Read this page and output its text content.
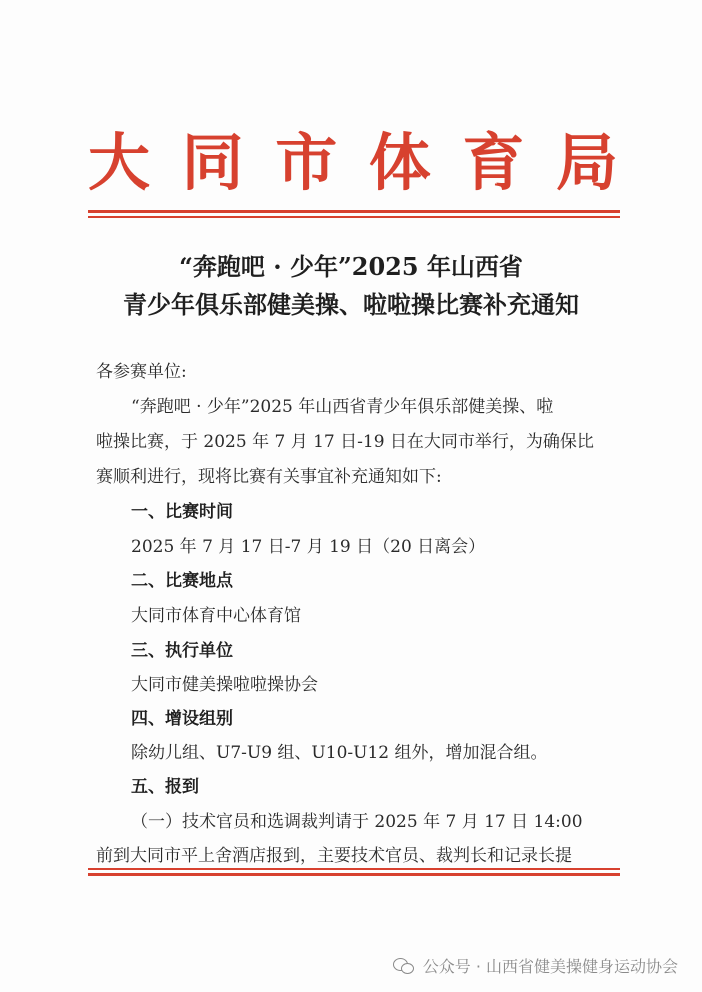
大 同 市 体 育 局
“奔跑吧 · 少年”2025 年山西省
青少年俱乐部健美操、啦啦操比赛补充通知
各参赛单位:
“奔跑吧 · 少年”2025 年山西省青少年俱乐部健美操、啦
啦操比赛，于 2025 年 7 月 17 日-19 日在大同市举行，为确保比
赛顺利进行，现将比赛有关事宜补充通知如下:
一、比赛时间
2025 年 7 月 17 日-7 月 19 日（20 日离会）
二、比赛地点
大同市体育中心体育馆
三、执行单位
大同市健美操啦啦操协会
四、增设组别
除幼儿组、U7-U9 组、U10-U12 组外，增加混合组。
五、报到
（一）技术官员和选调裁判请于 2025 年 7 月 17 日 14:00
前到大同市平上舍酒店报到，主要技术官员、裁判长和记录长提
公众号 · 山西省健美操健身运动协会
